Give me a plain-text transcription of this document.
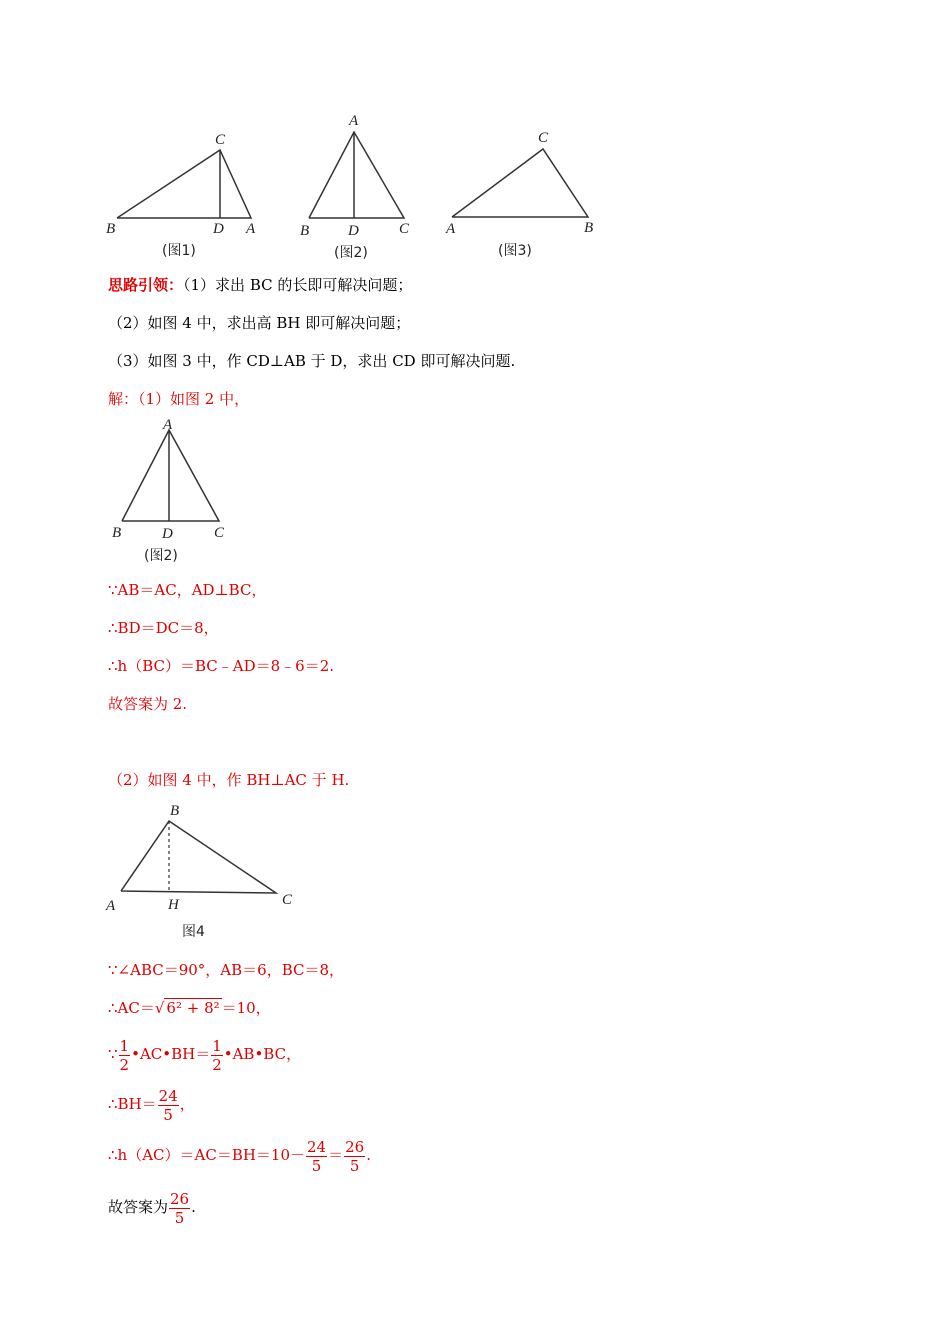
C
B	D A
(图1)
A
B	D	C
(图2)
C
A	B
(图3)
思路引领：（1）求出 BC 的长即可解决问题；
（2）如图 4 中，求出高 BH 即可解决问题；
（3）如图 3 中，作 CD⊥AB 于 D，求出 CD 即可解决问题.
解：（1）如图 2 中，
A
B	D	C
(图2)
∵AB＝AC，AD⊥BC，
∴BD＝DC＝8，
∴h（BC）＝BC﹣AD＝8﹣6＝2.
故答案为 2.
（2）如图 4 中，作 BH⊥AC 于 H.
B
A	H	C
图4
∵∠ABC＝90°，AB＝6，BC＝8，
∴AC＝√ 6² + 8² ＝10，
∵ $\frac{1}{2}$ •AC•BH＝ $\frac{1}{2}$ •AB•BC，
∴BH＝ $\frac{24}{5}$ ，
∴h（AC）＝AC＝BH＝10－ $\frac{24}{5} = \frac{26}{5}$ .
故答案为 $\frac{26}{5}$ .
